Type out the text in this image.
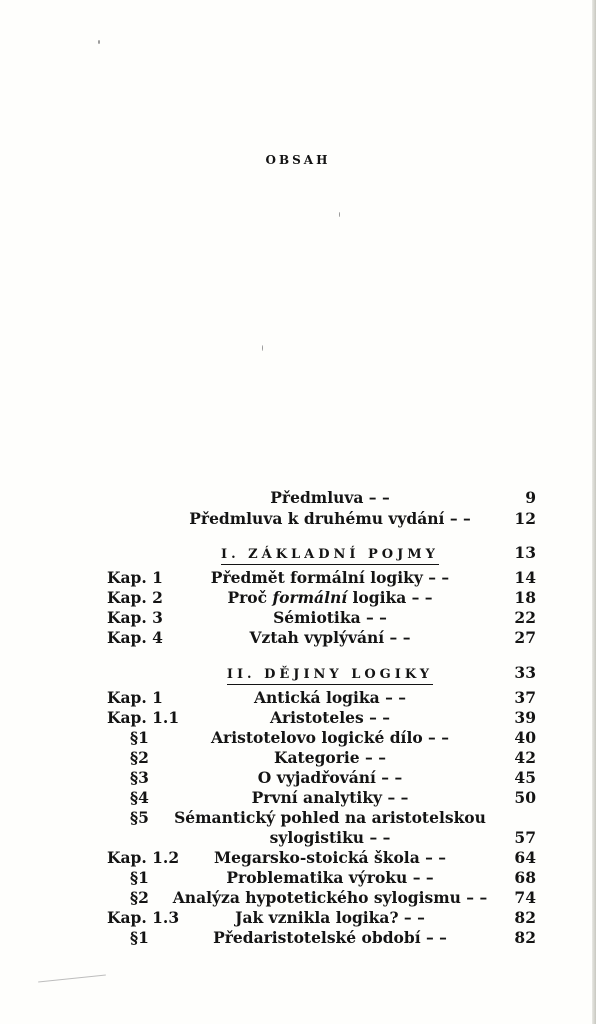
OBSAH
Předmluva – –	9
Předmluva k druhému vydání – –	12
I. ZÁKLADNÍ POJMY	13
Kap. 1	Předmět formální logiky – –	14
Kap. 2	Proč formální logika – –	18
Kap. 3	Sémiotika – –	22
Kap. 4	Vztah vyplývání – –	27
II. DĚJINY LOGIKY	33
Kap. 1	Antická logika – –	37
Kap. 1.1	Aristoteles – –	39
§1	Aristotelovo logické dílo – –	40
§2	Kategorie – –	42
§3	O vyjadřování – –	45
§4	První analytiky – –	50
§5	Sémantický pohled na aristotelskou
sylogistiku – –	57
Kap. 1.2	Megarsko-stoická škola – –	64
§1	Problematika výroku – –	68
§2	Analýza hypotetického sylogismu – –	74
Kap. 1.3	Jak vznikla logika? – –	82
§1	Předaristotelské období – –	82
